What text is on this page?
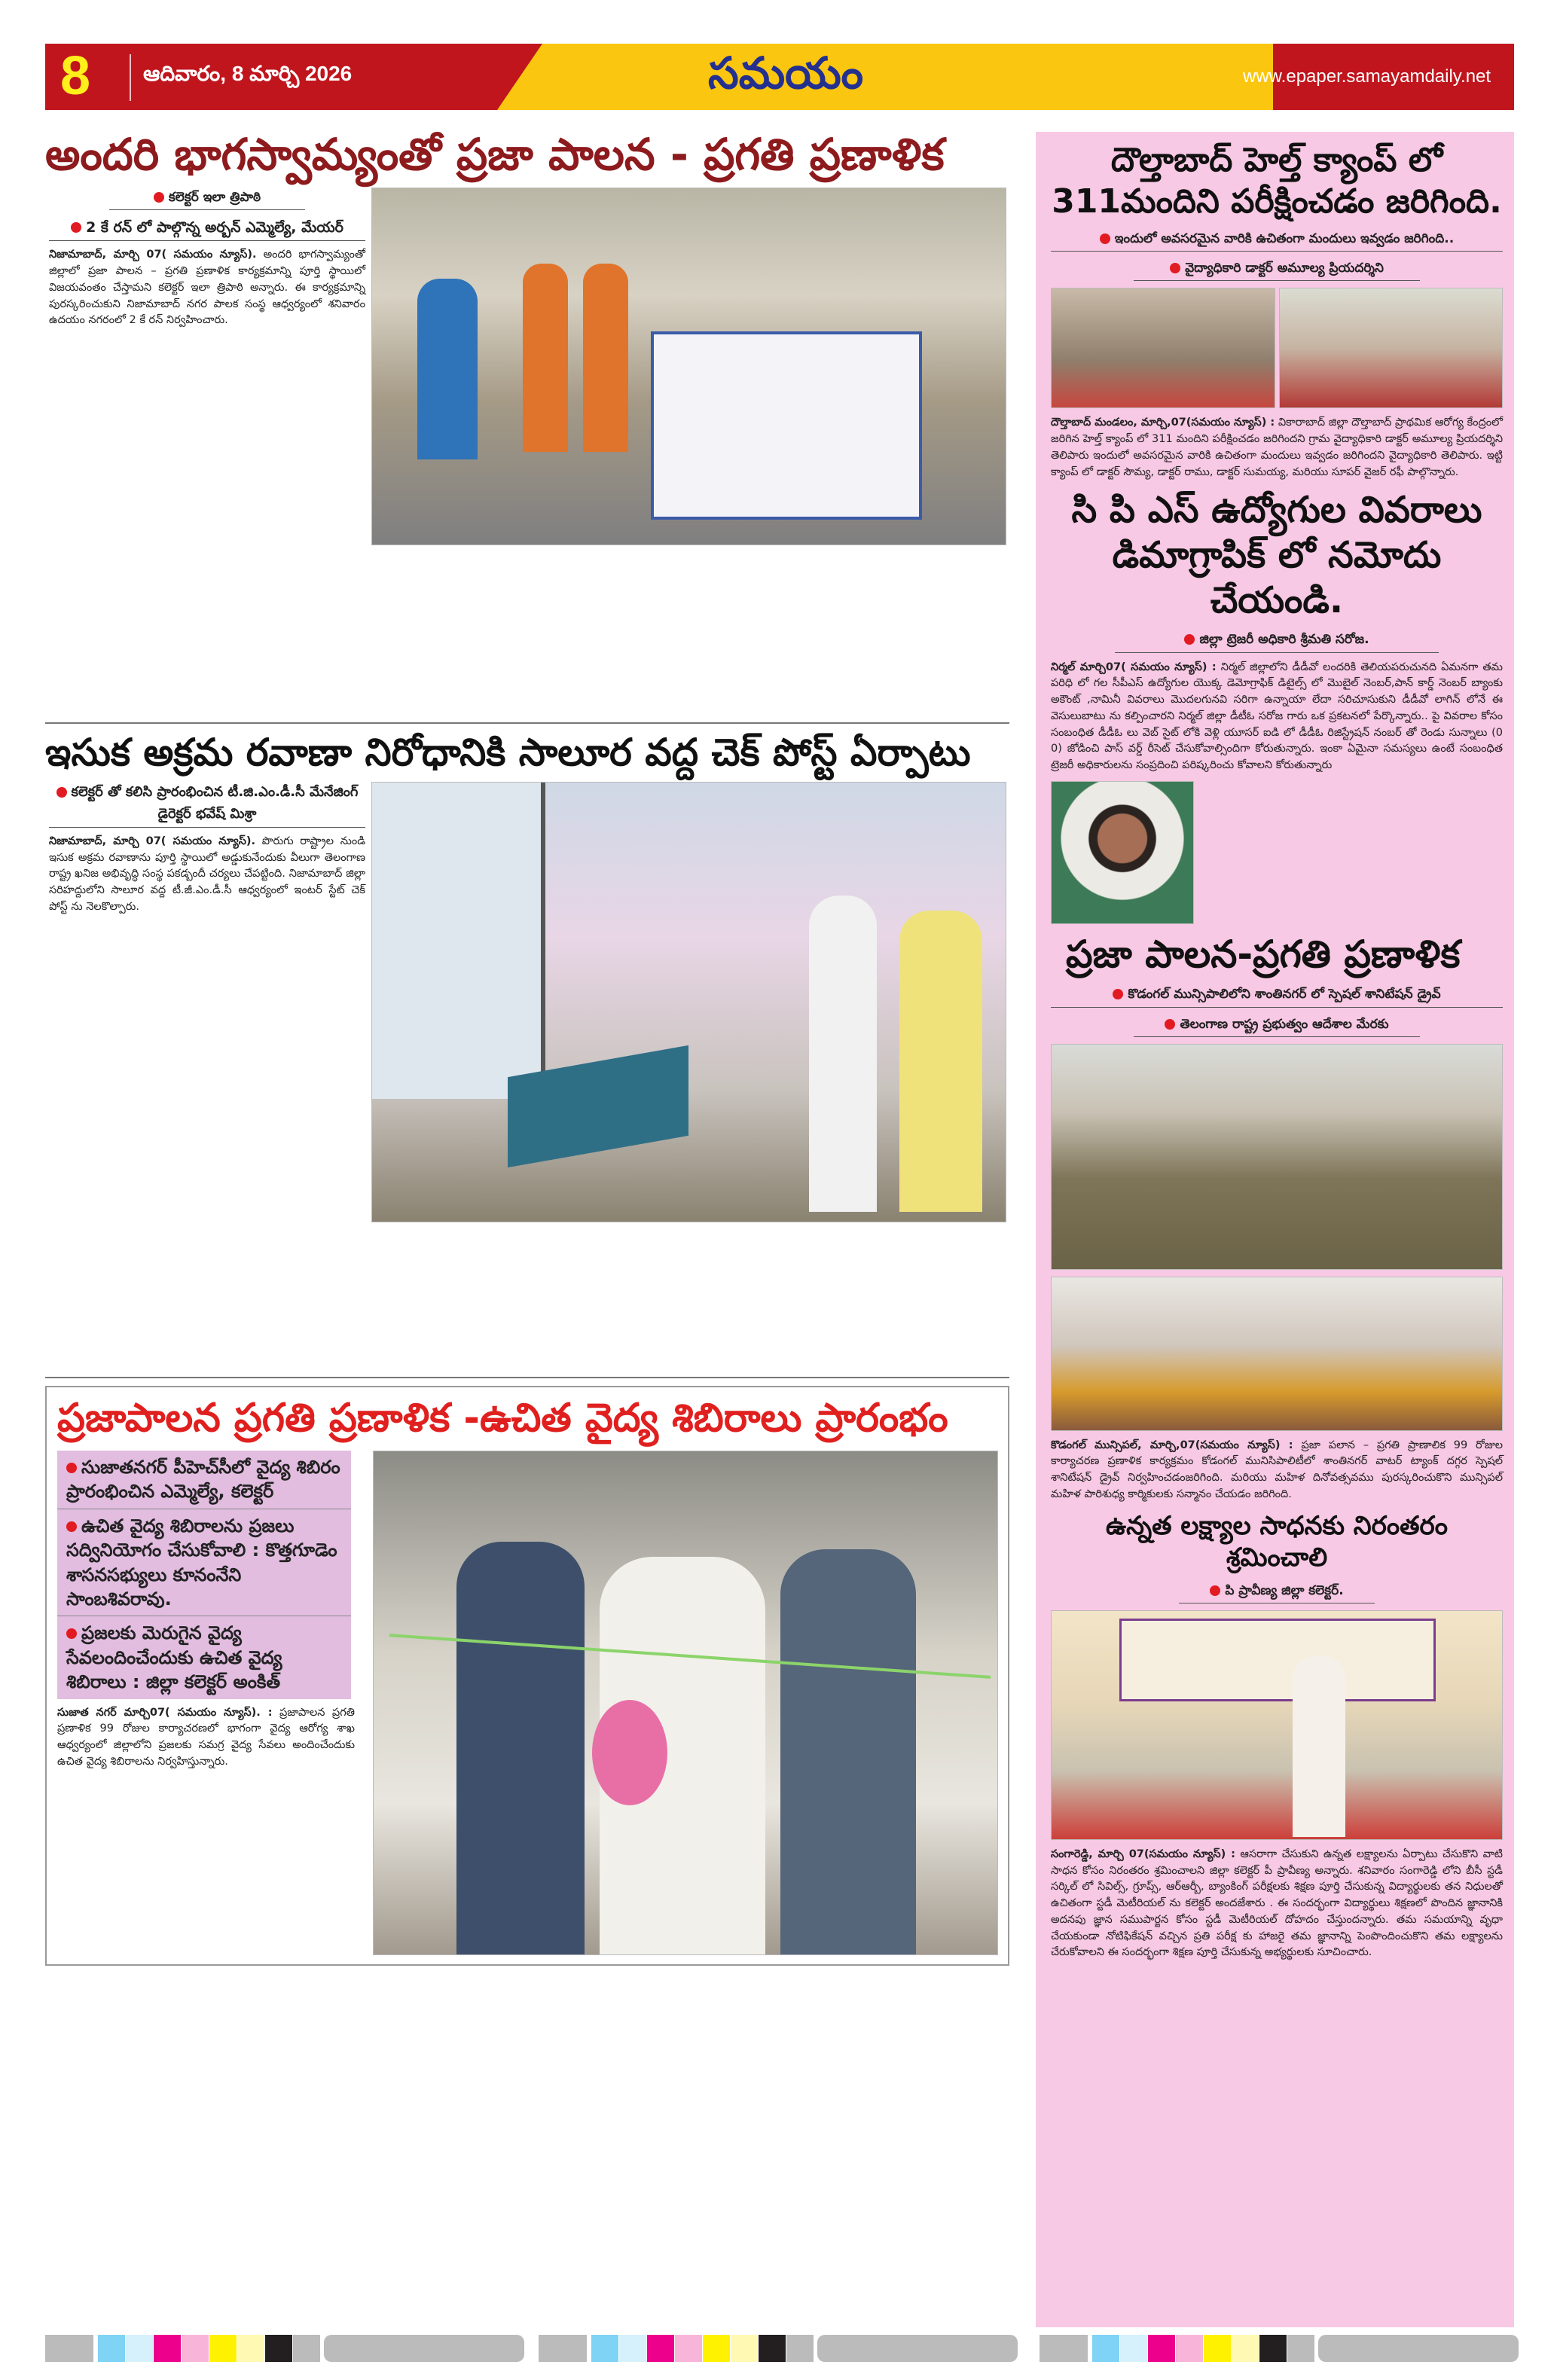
8 ఆదివారం, 8 మార్చి 2026	సమయం	www.epaper.samayamdaily.net
అందరి భాగస్వామ్యంతో ప్రజా పాలన - ప్రగతి ప్రణాళిక
కలెక్టర్ ఇలా త్రిపాఠి
2 కే రన్ లో పాల్గొన్న అర్బన్ ఎమ్మెల్యే, మేయర్
నిజామాబాద్, మార్చి 07( సమయం న్యూస్). అందరి భాగస్వామ్యంతో జిల్లాలో ప్రజా పాలన – ప్రగతి ప్రణాళిక కార్యక్రమాన్ని పూర్తి స్థాయిలో విజయవంతం చేస్తామని కలెక్టర్ ఇలా త్రిపాఠి అన్నారు. ఈ కార్యక్రమాన్ని పురస్కరించుకుని నిజామాబాద్ నగర పాలక సంస్థ ఆధ్వర్యంలో శనివారం ఉదయం నగరంలో 2 కే రన్ నిర్వహించారు.
ఇసుక అక్రమ రవాణా నిరోధానికి సాలూర వద్ద చెక్ పోస్ట్ ఏర్పాటు
కలెక్టర్ తో కలిసి ప్రారంభించిన టీ.జి.ఎం.డీ.సీ మేనేజింగ్ డైరెక్టర్ భవేష్ మిశ్రా
నిజామాబాద్, మార్చి 07( సమయం న్యూస్). పొరుగు రాష్ట్రాల నుండి ఇసుక అక్రమ రవాణాను పూర్తి స్థాయిలో అడ్డుకునేందుకు వీలుగా తెలంగాణ రాష్ట్ర ఖనిజ అభివృద్ధి సంస్థ పకడ్బందీ చర్యలు చేపట్టింది. నిజామాబాద్ జిల్లా సరిహద్దులోని సాలూర వద్ద టీ.జీ.ఎం.డీ.సీ ఆధ్వర్యంలో ఇంటర్ స్టేట్ చెక్ పోస్ట్ ను నెలకొల్పారు.
ప్రజాపాలన ప్రగతి ప్రణాళిక -ఉచిత వైద్య శిబిరాలు ప్రారంభం
సుజాతనగర్ పీహెచ్‌సీలో వైద్య శిబిరం ప్రారంభించిన ఎమ్మెల్యే, కలెక్టర్
ఉచిత వైద్య శిబిరాలను ప్రజలు సద్వినియోగం చేసుకోవాలి : కొత్తగూడెం శాసనసభ్యులు కూనంనేని సాంబశివరావు.
ప్రజలకు మెరుగైన వైద్య సేవలందించేందుకు ఉచిత వైద్య శిబిరాలు : జిల్లా కలెక్టర్ అంకిత్
సుజాత నగర్ మార్చి07( సమయం న్యూస్). : ప్రజాపాలన ప్రగతి ప్రణాళిక 99 రోజుల కార్యాచరణలో భాగంగా వైద్య ఆరోగ్య శాఖ ఆధ్వర్యంలో జిల్లాలోని ప్రజలకు సమగ్ర వైద్య సేవలు అందించేందుకు ఉచిత వైద్య శిబిరాలను నిర్వహిస్తున్నారు.
దౌల్తాబాద్ హెల్త్ క్యాంప్ లో 311మందిని పరీక్షించడం జరిగింది.
ఇందులో అవసరమైన వారికి ఉచితంగా మందులు ఇవ్వడం జరిగింది..
వైద్యాధికారి డాక్టర్ అమూల్య ప్రియదర్శిని
దౌల్తాబాద్ మండలం, మార్చి,07(సమయం న్యూస్) : వికారాబాద్ జిల్లా దౌల్తాబాద్ ప్రాథమిక ఆరోగ్య కేంద్రంలో జరిగిన హెల్త్ క్యాంప్ లో 311 మందిని పరీక్షించడం జరిగిందని గ్రామ వైద్యాధికారి డాక్టర్ అమూల్య ప్రియదర్శిని తెలిపారు ఇందులో అవసరమైన వారికి ఉచితంగా మందులు ఇవ్వడం జరిగిందని వైద్యాధికారి తెలిపారు. ఇట్టి క్యాంప్ లో డాక్టర్ సౌమ్య, డాక్టర్ రాము, డాక్టర్ సుమయ్య, మరియు సూపర్ వైజర్ రఫీ పాల్గొన్నారు.
సి పి ఎస్ ఉద్యోగుల వివరాలు డిమాగ్రాపిక్ లో నమోదు చేయండి.
జిల్లా ట్రెజరీ అధికారి శ్రీమతి సరోజ.
నిర్మల్ మార్చి07( సమయం న్యూస్) : నిర్మల్ జిల్లాలోని డీడీవో లందరికి తెలియపరుచునది ఏమనగా తమ పరిధి లో గల సీపీఎస్ ఉద్యోగుల యొక్క డెమోగ్రాఫిక్ డిటైల్స్ లో మొబైల్ నెంబర్,పాన్ కార్డ్ నెంబర్ బ్యాంకు అకౌంట్ ,నామినీ వివరాలు మొదలగునవి సరిగా ఉన్నాయా లేదా సరిచూసుకుని డీడీవో లాగిన్ లోనే ఈ వెసులుబాటు ను కల్పించారని నిర్మల్ జిల్లా డీటీఓ సరోజ గారు ఒక ప్రకటనలో పేర్కొన్నారు.. పై వివరాల కోసం సంబంధిత డీడీఓ లు వెబ్ సైట్ లోకి వెళ్లి యూసర్ ఐడి లో డీడీఓ రిజిస్ట్రేషన్ నంబర్ తో రెండు సున్నాలు (0 0) జోడించి పాస్ వర్డ్ రీసెట్ చేసుకోవాల్సిందిగా కోరుతున్నారు. ఇంకా ఏమైనా సమస్యలు ఉంటే సంబంధిత ట్రెజరీ అధికారులను సంప్రదించి పరిష్కరించు కోవాలని కోరుతున్నారు
ప్రజా పాలన-ప్రగతి ప్రణాళిక
కొడంగల్ మున్సిపాలిలోని శాంతినగర్ లో స్పెషల్ శానిటేషన్ డ్రైవ్
తెలంగాణ రాష్ట్ర ప్రభుత్వం ఆదేశాల మేరకు
కొడంగల్ మున్సిపల్, మార్చి,07(సమయం న్యూస్) : ప్రజా పలాన – ప్రగతి ప్రాణాలిక 99 రోజుల కార్యాచరణ ప్రణాళిక కార్యక్రమం కోడంగల్ మునిసిపాలిటీలో శాంతినగర్ వాటర్ ట్యాంక్ దగ్గర స్పెషల్ శానిటేషన్ డ్రైవ్ నిర్వహించడంజరిగింది. మరియు మహిళ దినోవత్సవము పురస్కరించుకొని మున్సిపల్ మహిళ పారిశుధ్య కార్మికులకు సన్మానం చేయడం జరిగింది.
ఉన్నత లక్ష్యాల సాధనకు నిరంతరం శ్రమించాలి
పి ప్రావీణ్య జిల్లా కలెక్టర్.
సంగారెడ్డి, మార్చి 07(సమయం న్యూస్) : ఆసరాగా చేసుకుని ఉన్నత లక్ష్యాలను ఏర్పాటు చేసుకొని వాటి సాధన కోసం నిరంతరం శ్రమించాలని జిల్లా కలెక్టర్ పీ ప్రావీణ్య అన్నారు. శనివారం సంగారెడ్డి లోని బీసీ స్టడీ సర్కిల్ లో సివిల్స్, గ్రూప్స్, ఆర్ఆర్బీ, బ్యాంకింగ్ పరీక్షలకు శిక్షణ పూర్తి చేసుకున్న విద్యార్థులకు తన నిధులతో ఉచితంగా స్టడీ మెటీరియల్ ను కలెక్టర్ అందజేశారు . ఈ సందర్భంగా విద్యార్థులు శిక్షణలో పొందిన జ్ఞానానికి అదనపు జ్ఞాన సముపార్జన కోసం స్టడీ మెటీరియల్ దోహదం చేస్తుందన్నారు. తమ సమయాన్ని వృధా చేయకుండా నోటిఫికేషన్ వచ్చిన ప్రతి పరీక్ష కు హాజరై తమ జ్ఞానాన్ని పెంపొందించుకొని తమ లక్ష్యాలను చేరుకోవాలని ఈ సందర్భంగా శిక్షణ పూర్తి చేసుకున్న అభ్యర్థులకు సూచించారు.
